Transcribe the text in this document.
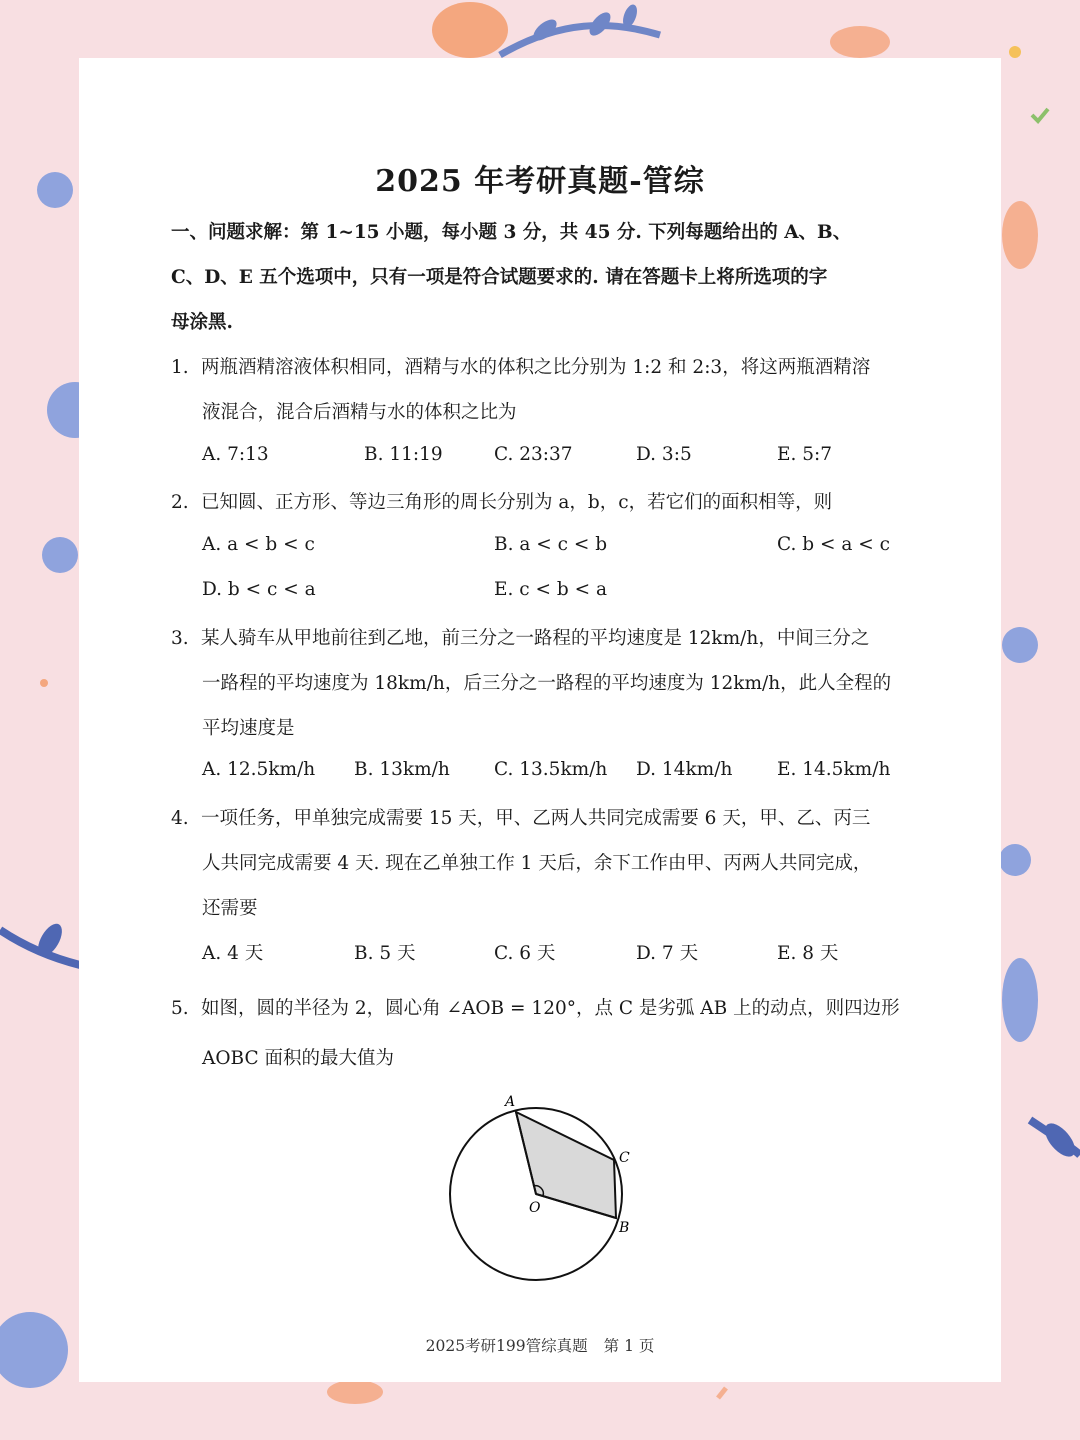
2025 年考研真题-管综
一、问题求解：第 1~15 小题，每小题 3 分，共 45 分. 下列每题给出的 A、B、
C、D、E 五个选项中，只有一项是符合试题要求的. 请在答题卡上将所选项的字
母涂黑.
1. 两瓶酒精溶液体积相同，酒精与水的体积之比分别为 1:2 和 2:3，将这两瓶酒精溶
液混合，混合后酒精与水的体积之比为
A. 7:13	B. 11:19	C. 23:37	D. 3:5	E. 5:7
2. 已知圆、正方形、等边三角形的周长分别为 a，b，c，若它们的面积相等，则
A. a < b < c	B. a < c < b	C. b < a < c
D. b < c < a	E. c < b < a
3. 某人骑车从甲地前往到乙地，前三分之一路程的平均速度是 12km/h，中间三分之
一路程的平均速度为 18km/h，后三分之一路程的平均速度为 12km/h，此人全程的
平均速度是
A. 12.5km/h B. 13km/h C. 13.5km/h D. 14km/h E. 14.5km/h
4. 一项任务，甲单独完成需要 15 天，甲、乙两人共同完成需要 6 天，甲、乙、丙三
人共同完成需要 4 天. 现在乙单独工作 1 天后，余下工作由甲、丙两人共同完成，
还需要
A. 4 天	B. 5 天	C. 6 天	D. 7 天	E. 8 天
5. 如图，圆的半径为 2，圆心角 ∠AOB = 120°，点 C 是劣弧 AB 上的动点，则四边形
AOBC 面积的最大值为
A
C
B
O
2025考研199管综真题 第 1 页
